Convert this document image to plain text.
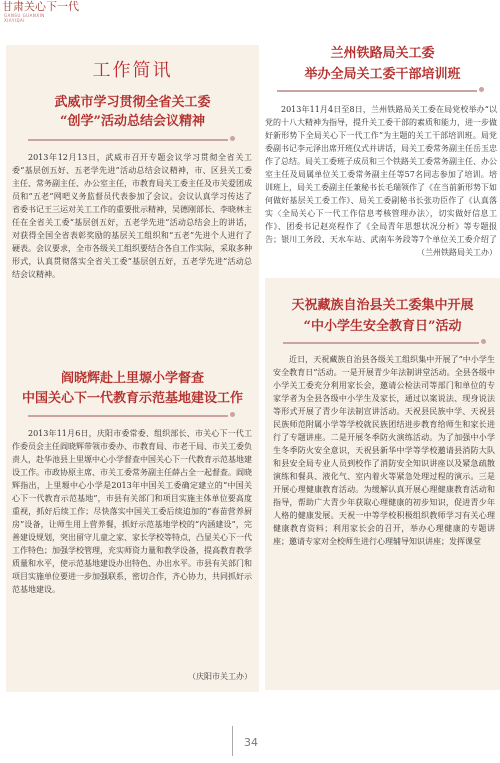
甘肃关心下一代
GANSU GUANXIN
XIAYIDAI
工作简讯
武威市学习贯彻全省关工委
“创学”活动总结会议精神

2013年12月13日，武威市召开专题会议学习贯彻全省关工委“基层创五好、五老学先进”活动总结会议精神，市、区县关工委主任、常务副主任、办公室主任，市教育局关工委主任及市关爱团成员和“五老”网吧义务监督员代表参加了会议。会议认真学习传达了省委书记王三运对关工工作的重要批示精神，吴德刚部长、李晓林主任在全省关工委“基层创五好，五老学先进”活动总结会上的讲话，对获得全国全省表彰奖励的基层关工组织和“五老”先进个人进行了硬表。会议要求，全市各级关工组织要结合各自工作实际，采取多种形式，认真贯彻落实全省关工委“基层创五好，五老学先进”活动总结会议精神。

阎晓辉赴上里塬小学督查
中国关心下一代教育示范基地建设工作

2013年11月6日，庆阳市委常委、组织部长、市关心下一代工作委员会主任阎晓辉带领市委办、市教育局、市老干局、市关工委负责人，赴华池县上里塬中心小学督查中国关心下一代教育示范基地建设工作。市政协原主席、市关工委常务副主任薛占全一起督查。阎晓辉指出，上里塬中心小学是2013年中国关工委确定建立的“中国关心下一代教育示范基地”，市县有关部门和项目实施主体单位要高度重视，抓好后续工作；尽快落实中国关工委后续追加的“春苗营养厨房”设备，让师生用上营养餐，抓好示范基地学校的“内涵建设”，完善建设规划，突出留守儿童之家、家长学校等特点，凸显关心下一代工作特色；加强学校管理，充实师资力量和教学设备，提高教育教学质量和水平，使示范基地建设办出特色、办出水平。市县有关部门和项目实施单位要进一步加强联系，密切合作，齐心协力，共同抓好示范基地建设。

（庆阳市关工办）
兰州铁路局关工委
举办全局关工委干部培训班

2013年11月4日至8日，兰州铁路局关工委在局党校举办“以党的十八大精神为指导，提升关工委干部的素质和能力，进一步做好新形势下全局关心下一代工作”为主题的关工干部培训班。局党委副书记李元泽出席开班仪式并讲话，局关工委常务副主任岳玉忠作了总结。局关工委班子成员和三个铁路关工委常务副主任、办公室主任及局属单位关工委常务副主任等57名同志参加了培训。培训班上，局关工委副主任兼秘书长毛瑞领作了《在当前新形势下如何做好基层关工委工作》、局关工委副秘书长张功臣作了《认真落实〈全局关心下一代工作信息考核管理办法〉，切实做好信息工作》、团委书记赵亮程作了《全局青年思想状况分析》等专题报告；银川工务段、天水车站、武南车务段等7个单位关工委介绍了

（兰州铁路局关工办）
天祝藏族自治县关工委集中开展
“中小学生安全教育日”活动

近日，天祝藏族自治县各级关工组织集中开展了“中小学生安全教育日”活动。一是开展青少年法制讲堂活动。全县各级中小学关工委充分利用家长会，邀请公检法司等部门和单位的专家学者为全县各级中小学生及家长，通过以案说法、现身说法等形式开展了青少年法制宣讲活动。天祝县民族中学、天祝县民族师范附属小学等学校就民族团结进步教育给师生和家长进行了专题讲座。二是开展冬季防火演练活动。为了加强中小学生冬季防火安全意识，天祝县新华中学等学校邀请县消防大队和县安全局专业人员到校作了消防安全知识讲座以及紧急疏散演练和餐具、液化气、室内着火等紧急处理过程的演示。三是开展心理健康教育活动。为缓解认真开展心理健康教育活动和指导，帮助广大青少年获取心理健康的初步知识，促进青少年人格的健康发展。天祝一中等学校积极组织教师学习有关心理健康教育资料；利用家长会的召开，举办心理健康的专题讲座；邀请专家对全校师生进行心理辅导知识讲座；发挥课堂

34
